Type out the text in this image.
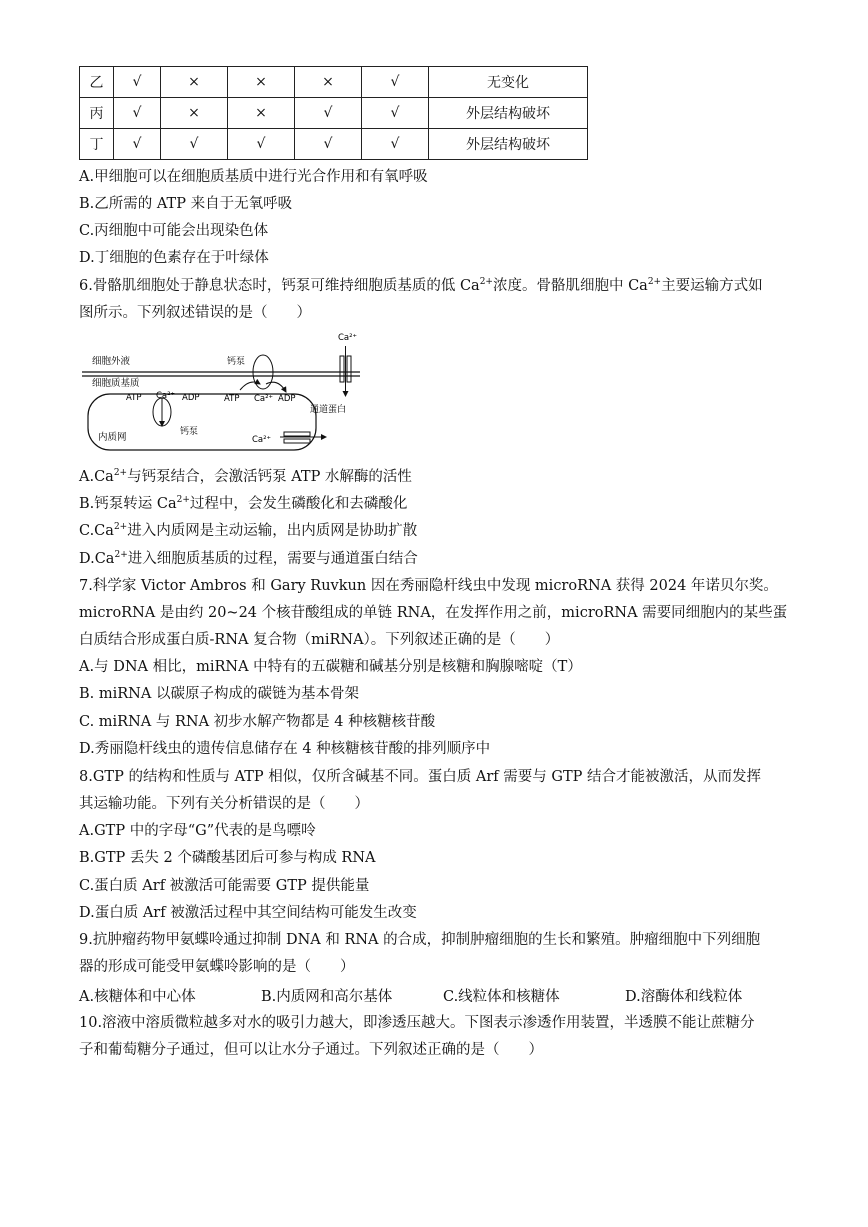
乙	√	×	×	×	√	无变化
丙	√	×	×	√	√	外层结构破坏
丁	√	√	√	√	√	外层结构破坏
A.甲细胞可以在细胞质基质中进行光合作用和有氧呼吸
B.乙所需的 ATP 来自于无氧呼吸
C.丙细胞中可能会出现染色体
D.丁细胞的色素存在于叶绿体
6.骨骼肌细胞处于静息状态时，钙泵可维持细胞质基质的低 $Ca^{2+}$浓度。骨骼肌细胞中 $Ca^{2+}$主要运输方式如
图所示。下列叙述错误的是（　　）
细胞外液
细胞质基质
钙泵
ATP Ca²⁺ ADP
Ca²⁺
通道蛋白
内质网	钙泵
ATP Ca²⁺ ADP
Ca²⁺
$A.Ca^{2+}$与钙泵结合，会激活钙泵 ATP 水解酶的活性
B.钙泵转运 $Ca^{2+}$过程中，会发生磷酸化和去磷酸化
$C.Ca^{2+}$进入内质网是主动运输，出内质网是协助扩散
$D.Ca^{2+}$进入细胞质基质的过程，需要与通道蛋白结合
7.科学家 Victor Ambros 和 Gary Ruvkun 因在秀丽隐杆线虫中发现 microRNA 获得 2024 年诺贝尔奖。
microRNA 是由约 20~24 个核苷酸组成的单链 RNA，在发挥作用之前，microRNA 需要同细胞内的某些蛋
白质结合形成蛋白质-RNA 复合物（miRNA）。下列叙述正确的是（　　）
A.与 DNA 相比，miRNA 中特有的五碳糖和碱基分别是核糖和胸腺嘧啶（T）
B. miRNA 以碳原子构成的碳链为基本骨架
C. miRNA 与 RNA 初步水解产物都是 4 种核糖核苷酸
D.秀丽隐杆线虫的遗传信息储存在 4 种核糖核苷酸的排列顺序中
8.GTP 的结构和性质与 ATP 相似，仅所含碱基不同。蛋白质 Arf 需要与 GTP 结合才能被激活，从而发挥
其运输功能。下列有关分析错误的是（　　）
A.GTP 中的字母“G”代表的是鸟嘌呤
B.GTP 丢失 2 个磷酸基团后可参与构成 RNA
C.蛋白质 Arf 被激活可能需要 GTP 提供能量
D.蛋白质 Arf 被激活过程中其空间结构可能发生改变
9.抗肿瘤药物甲氨蝶呤通过抑制 DNA 和 RNA 的合成，抑制肿瘤细胞的生长和繁殖。肿瘤细胞中下列细胞
器的形成可能受甲氨蝶呤影响的是（　　）
A.核糖体和中心体	B.内质网和高尔基体	C.线粒体和核糖体	D.溶酶体和线粒体
10.溶液中溶质微粒越多对水的吸引力越大，即渗透压越大。下图表示渗透作用装置，半透膜不能让蔗糖分
子和葡萄糖分子通过，但可以让水分子通过。下列叙述正确的是（　　）
